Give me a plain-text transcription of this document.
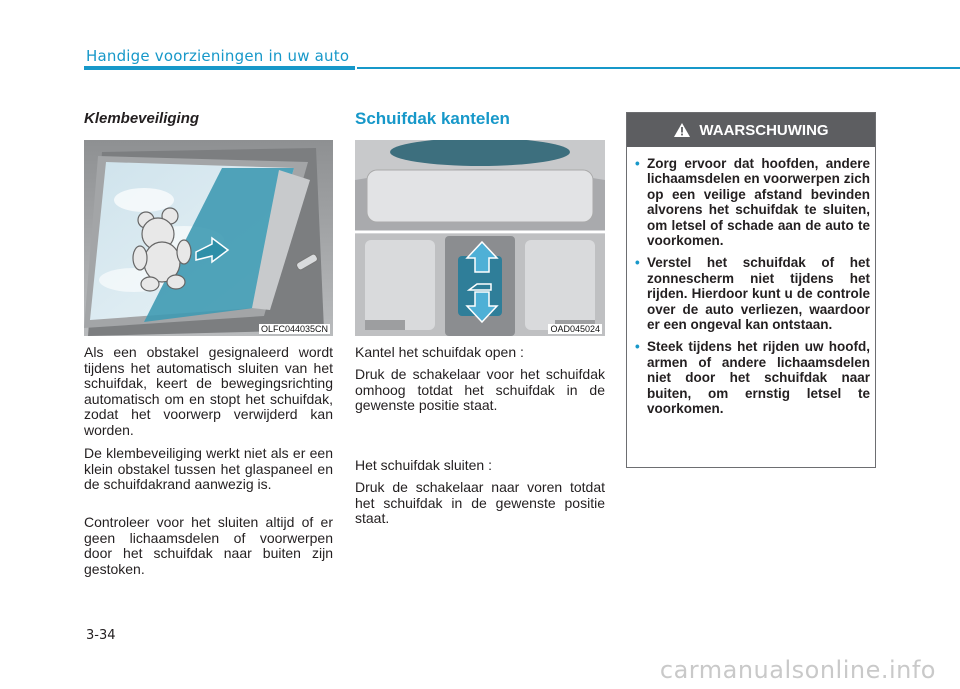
Handige voorzieningen in uw auto
Klembeveiliging
OLFC044035CN

Als een obstakel gesignaleerd wordt tijdens het automatisch sluiten van het schuifdak, keert de bewegingsrichting automatisch om en stopt het schuifdak, zodat het voorwerp verwijderd kan worden.

De klembeveiliging werkt niet als er een klein obstakel tussen het glaspaneel en de schuifdakrand aanwezig is.

Controleer voor het sluiten altijd of er geen lichaamsdelen of voorwerpen door het schuifdak naar buiten zijn gestoken.

Schuifdak kantelen
OAD045024

Kantel het schuifdak open :

Druk de schakelaar voor het schuifdak omhoog totdat het schuifdak in de gewenste positie staat.

Het schuifdak sluiten :

Druk de schakelaar naar voren totdat het schuifdak in de gewenste positie staat.

WAARSCHUWING
• Zorg ervoor dat hoofden, andere lichaamsdelen en voorwerpen zich op een veilige afstand bevinden alvorens het schuifdak te sluiten, om letsel of schade aan de auto te voorkomen.
• Verstel het schuifdak of het zonnescherm niet tijdens het rijden. Hierdoor kunt u de controle over de auto verliezen, waardoor er een ongeval kan ontstaan.
• Steek tijdens het rijden uw hoofd, armen of andere lichaamsdelen niet door het schuifdak naar buiten, om ernstig letsel te voorkomen.
3-34
carmanualsonline.info
